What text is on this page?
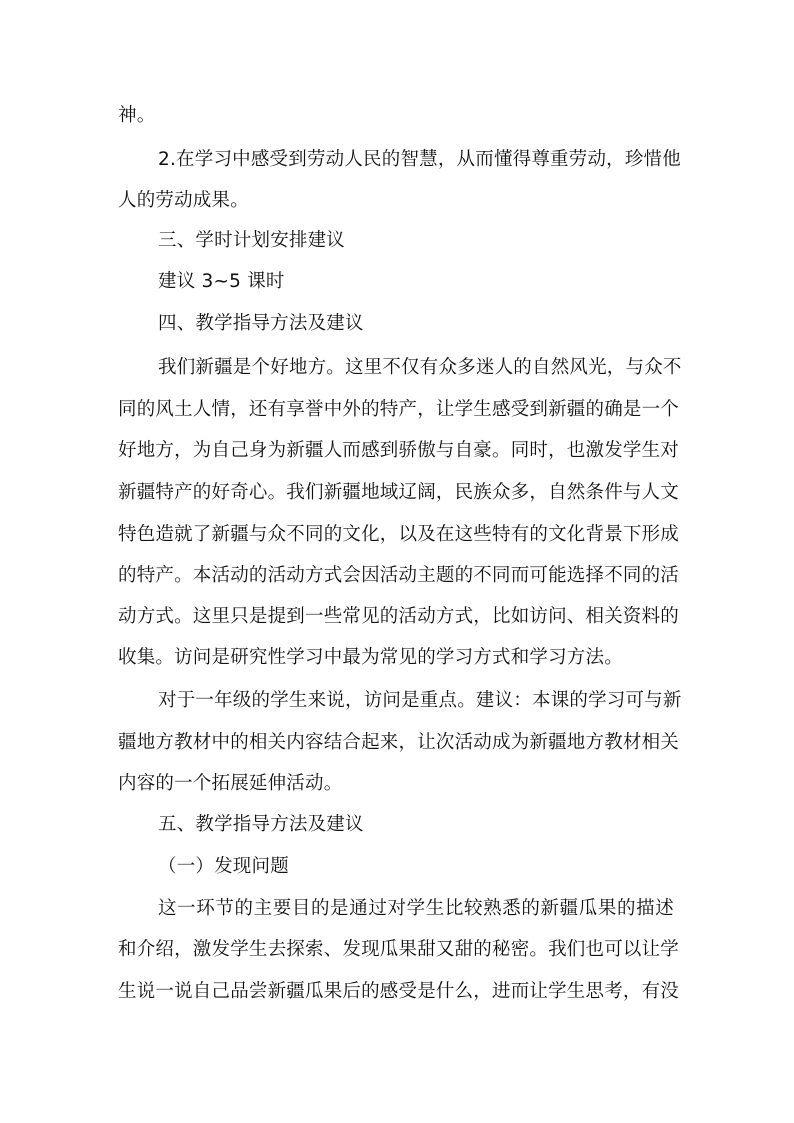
神。
2.在学习中感受到劳动人民的智慧，从而懂得尊重劳动，珍惜他
人的劳动成果。
三、学时计划安排建议
建议 3~5 课时
四、教学指导方法及建议
我们新疆是个好地方。这里不仅有众多迷人的自然风光，与众不
同的风土人情，还有享誉中外的特产，让学生感受到新疆的确是一个
好地方，为自己身为新疆人而感到骄傲与自豪。同时，也激发学生对
新疆特产的好奇心。我们新疆地域辽阔，民族众多，自然条件与人文
特色造就了新疆与众不同的文化，以及在这些特有的文化背景下形成
的特产。本活动的活动方式会因活动主题的不同而可能选择不同的活
动方式。这里只是提到一些常见的活动方式，比如访问、相关资料的
收集。访问是研究性学习中最为常见的学习方式和学习方法。
对于一年级的学生来说，访问是重点。建议：本课的学习可与新
疆地方教材中的相关内容结合起来，让次活动成为新疆地方教材相关
内容的一个拓展延伸活动。
五、教学指导方法及建议
（一）发现问题
这一环节的主要目的是通过对学生比较熟悉的新疆瓜果的描述
和介绍，激发学生去探索、发现瓜果甜又甜的秘密。我们也可以让学
生说一说自己品尝新疆瓜果后的感受是什么，进而让学生思考，有没
